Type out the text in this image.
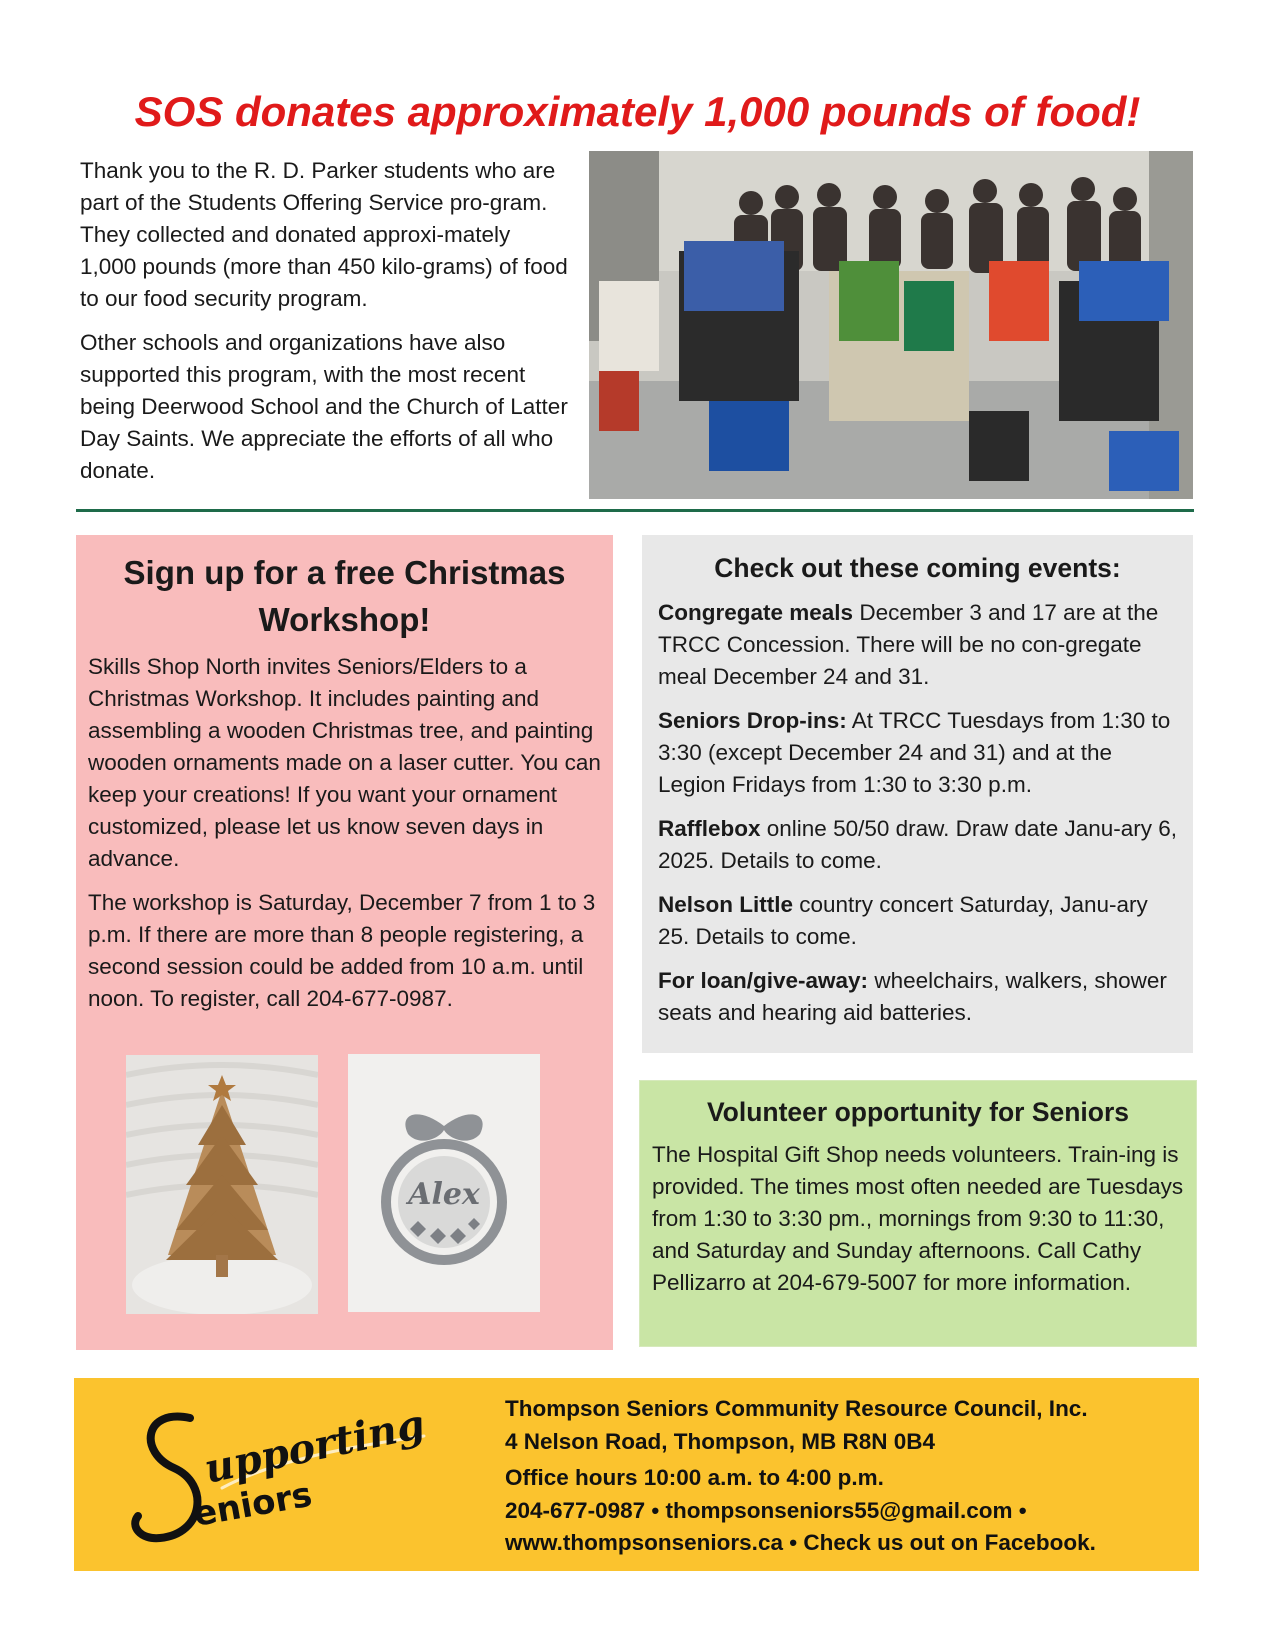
SOS donates approximately 1,000 pounds of food!

Thank you to the R. D. Parker students who are part of the Students Offering Service pro-gram. They collected and donated approxi-mately 1,000 pounds (more than 450 kilo-grams) of food to our food security program.

Other schools and organizations have also supported this program, with the most recent being Deerwood School and the Church of Latter Day Saints. We appreciate the efforts of all who donate.

Sign up for a free Christmas Workshop!

Skills Shop North invites Seniors/Elders to a Christmas Workshop. It includes painting and assembling a wooden Christmas tree, and painting wooden ornaments made on a laser cutter. You can keep your creations! If you want your ornament customized, please let us know seven days in advance.

The workshop is Saturday, December 7 from 1 to 3 p.m. If there are more than 8 people registering, a second session could be added from 10 a.m. until noon. To register, call 204-677-0987.

Alex
Check out these coming events:

Congregate meals December 3 and 17 are at the TRCC Concession. There will be no con-gregate meal December 24 and 31.

Seniors Drop-ins: At TRCC Tuesdays from 1:30 to 3:30 (except December 24 and 31) and at the Legion Fridays from 1:30 to 3:30 p.m.

Rafflebox online 50/50 draw. Draw date Janu-ary 6, 2025. Details to come.

Nelson Little country concert Saturday, Janu-ary 25. Details to come.

For loan/give-away: wheelchairs, walkers, shower seats and hearing aid batteries.

Volunteer opportunity for Seniors

The Hospital Gift Shop needs volunteers. Train-ing is provided. The times most often needed are Tuesdays from 1:30 to 3:30 pm., mornings from 9:30 to 11:30, and Saturday and Sunday afternoons. Call Cathy Pellizarro at 204-679-5007 for more information.

upporting
eniors
Thompson Seniors Community Resource Council, Inc.
4 Nelson Road, Thompson, MB R8N 0B4
Office hours 10:00 a.m. to 4:00 p.m.
204-677-0987 • thompsonseniors55@gmail.com •
www.thompsonseniors.ca • Check us out on Facebook.
